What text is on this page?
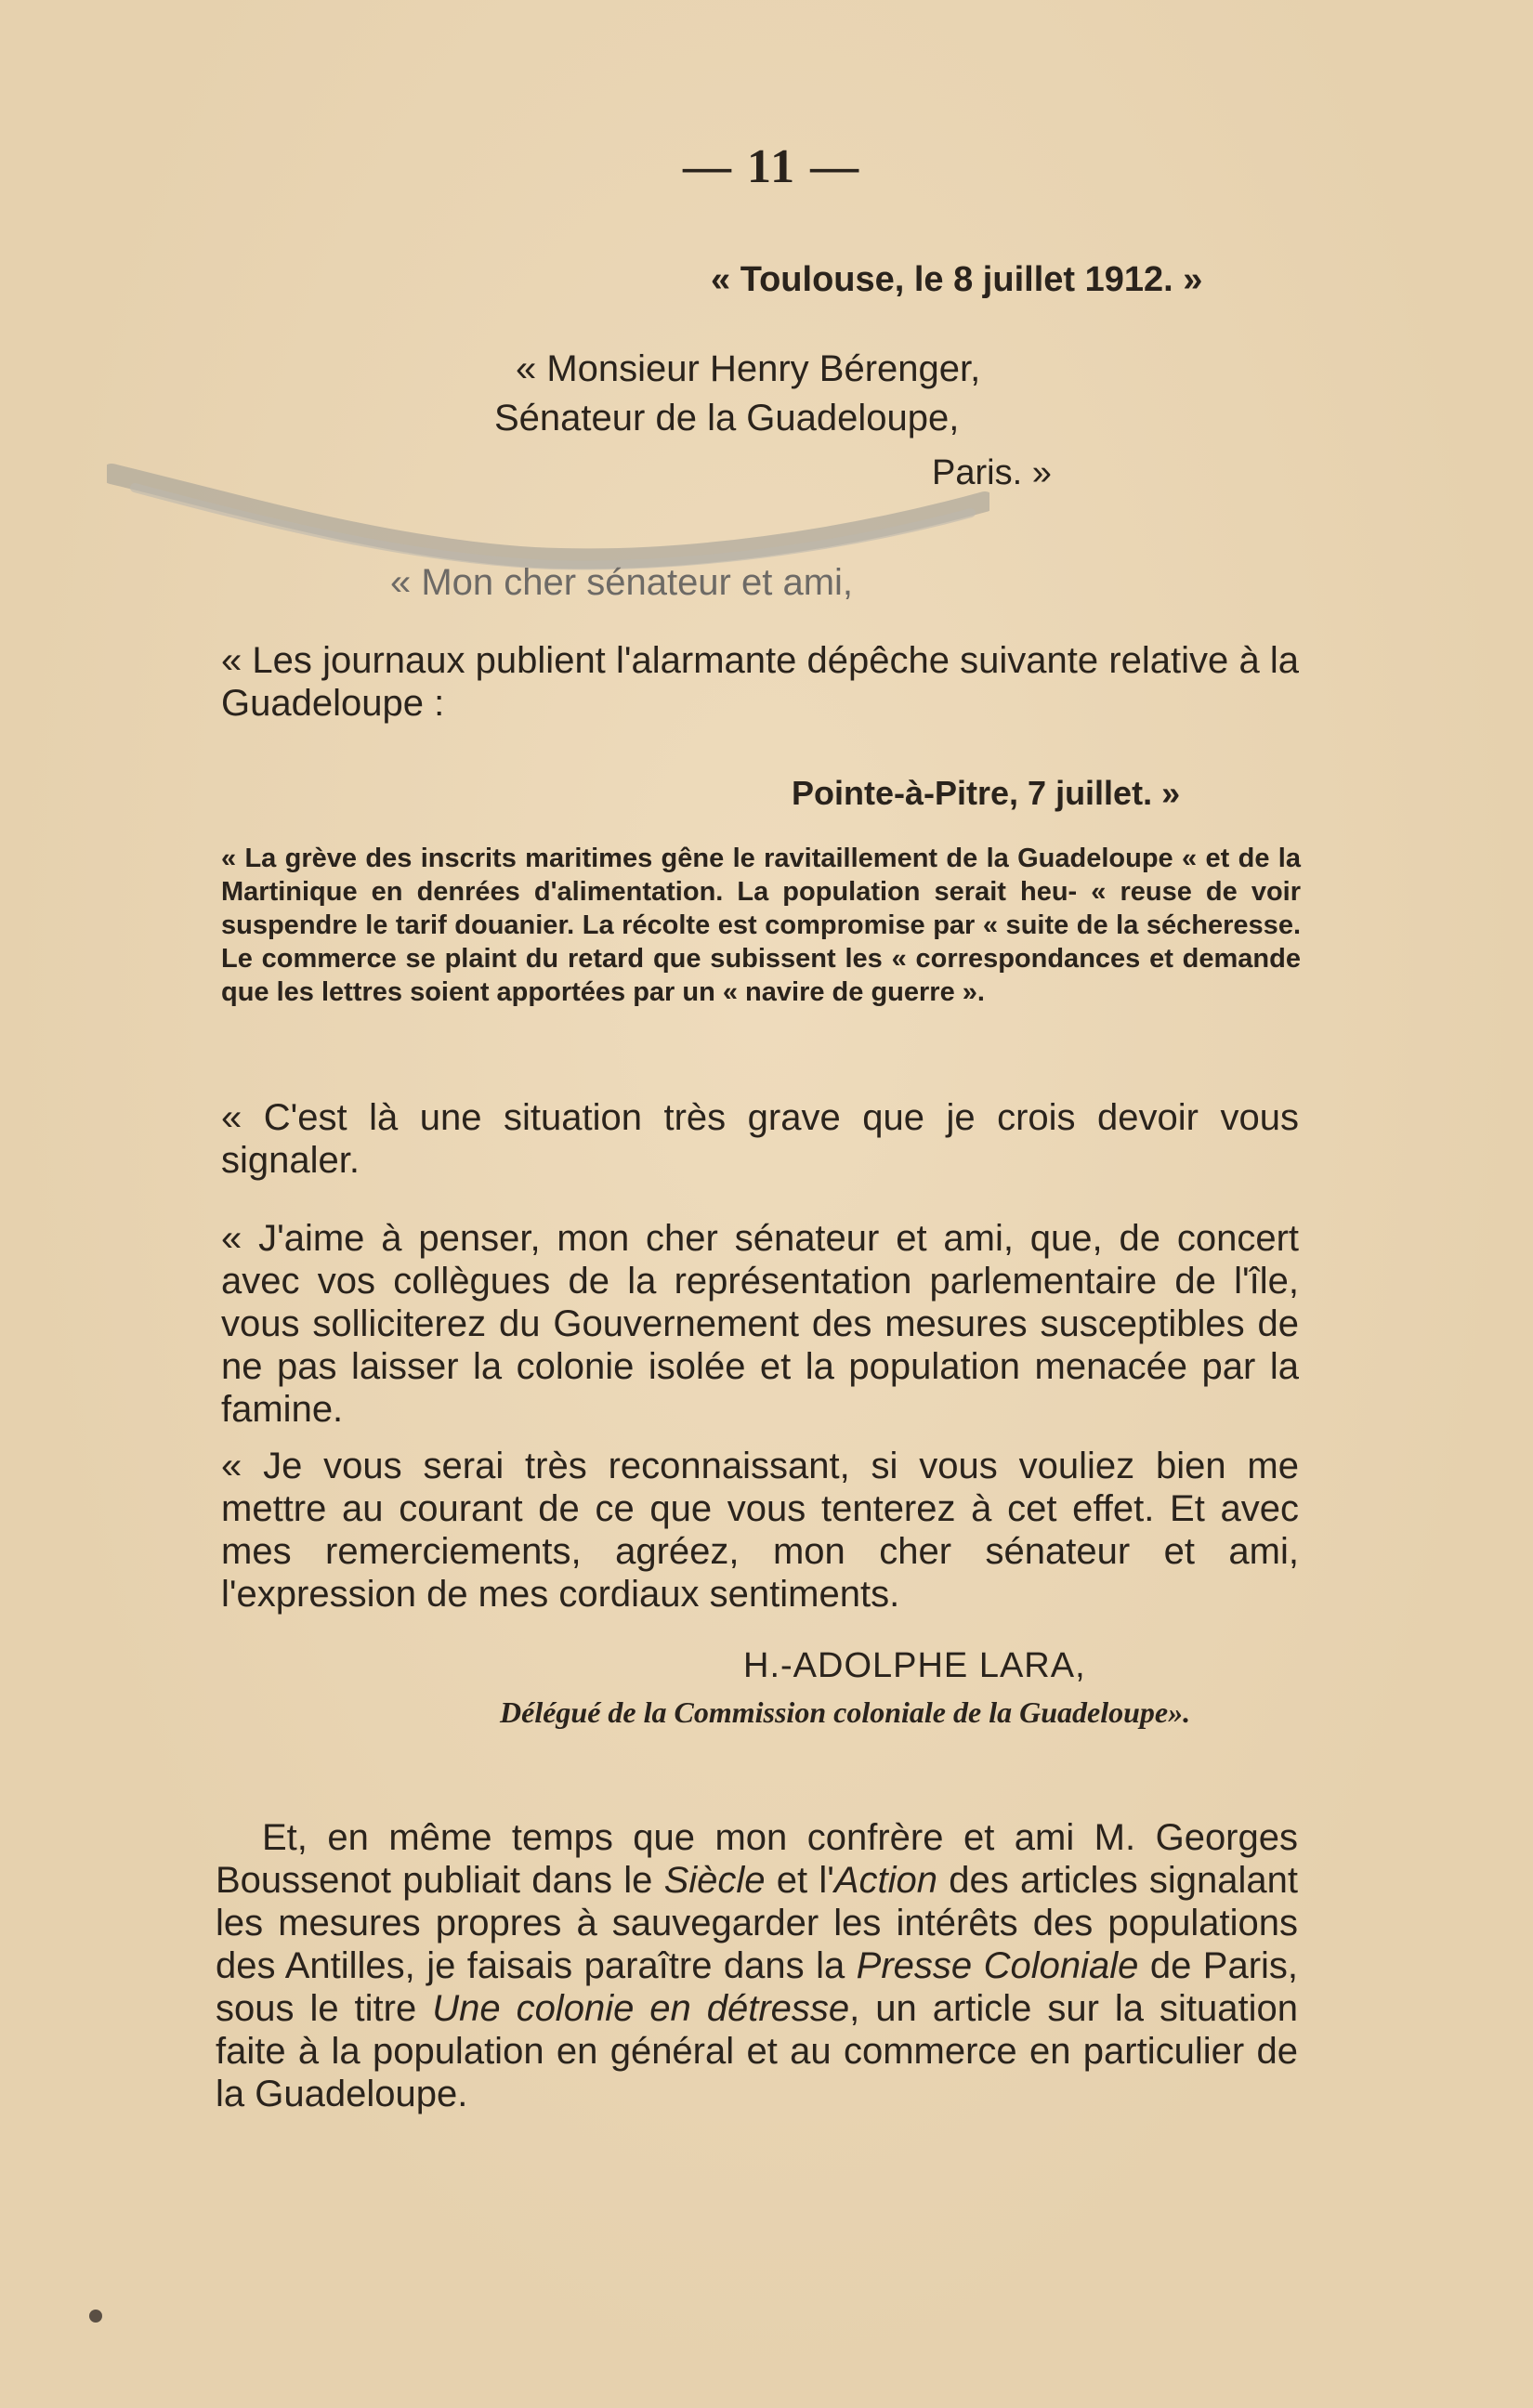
— 11 —
« Toulouse, le 8 juillet 1912. »
« Monsieur Henry Bérenger,
Sénateur de la Guadeloupe,
Paris. »
« Mon cher sénateur et ami,
« Les journaux publient l'alarmante dépêche suivante relative à la Guadeloupe :
Pointe-à-Pitre, 7 juillet. »
« La grève des inscrits maritimes gêne le ravitaillement de la Guadeloupe « et de la Martinique en denrées d'alimentation. La population serait heu- « reuse de voir suspendre le tarif douanier. La récolte est compromise par « suite de la sécheresse. Le commerce se plaint du retard que subissent les « correspondances et demande que les lettres soient apportées par un « navire de guerre ».
« C'est là une situation très grave que je crois devoir vous signaler.
« J'aime à penser, mon cher sénateur et ami, que, de concert avec vos collègues de la représentation parlementaire de l'île, vous solliciterez du Gouvernement des mesures susceptibles de ne pas laisser la colonie isolée et la population menacée par la famine.
« Je vous serai très reconnaissant, si vous vouliez bien me mettre au courant de ce que vous tenterez à cet effet. Et avec mes remerciements, agréez, mon cher sénateur et ami, l'expression de mes cordiaux sentiments.
H.-ADOLPHE LARA,
Délégué de la Commission coloniale de la Guadeloupe».
Et, en même temps que mon confrère et ami M. Georges Boussenot publiait dans le Siècle et l'Action des articles signalant les mesures propres à sauvegarder les intérêts des populations des Antilles, je faisais paraître dans la Presse Coloniale de Paris, sous le titre Une colonie en détresse, un article sur la situation faite à la population en général et au commerce en particulier de la Guadeloupe.
